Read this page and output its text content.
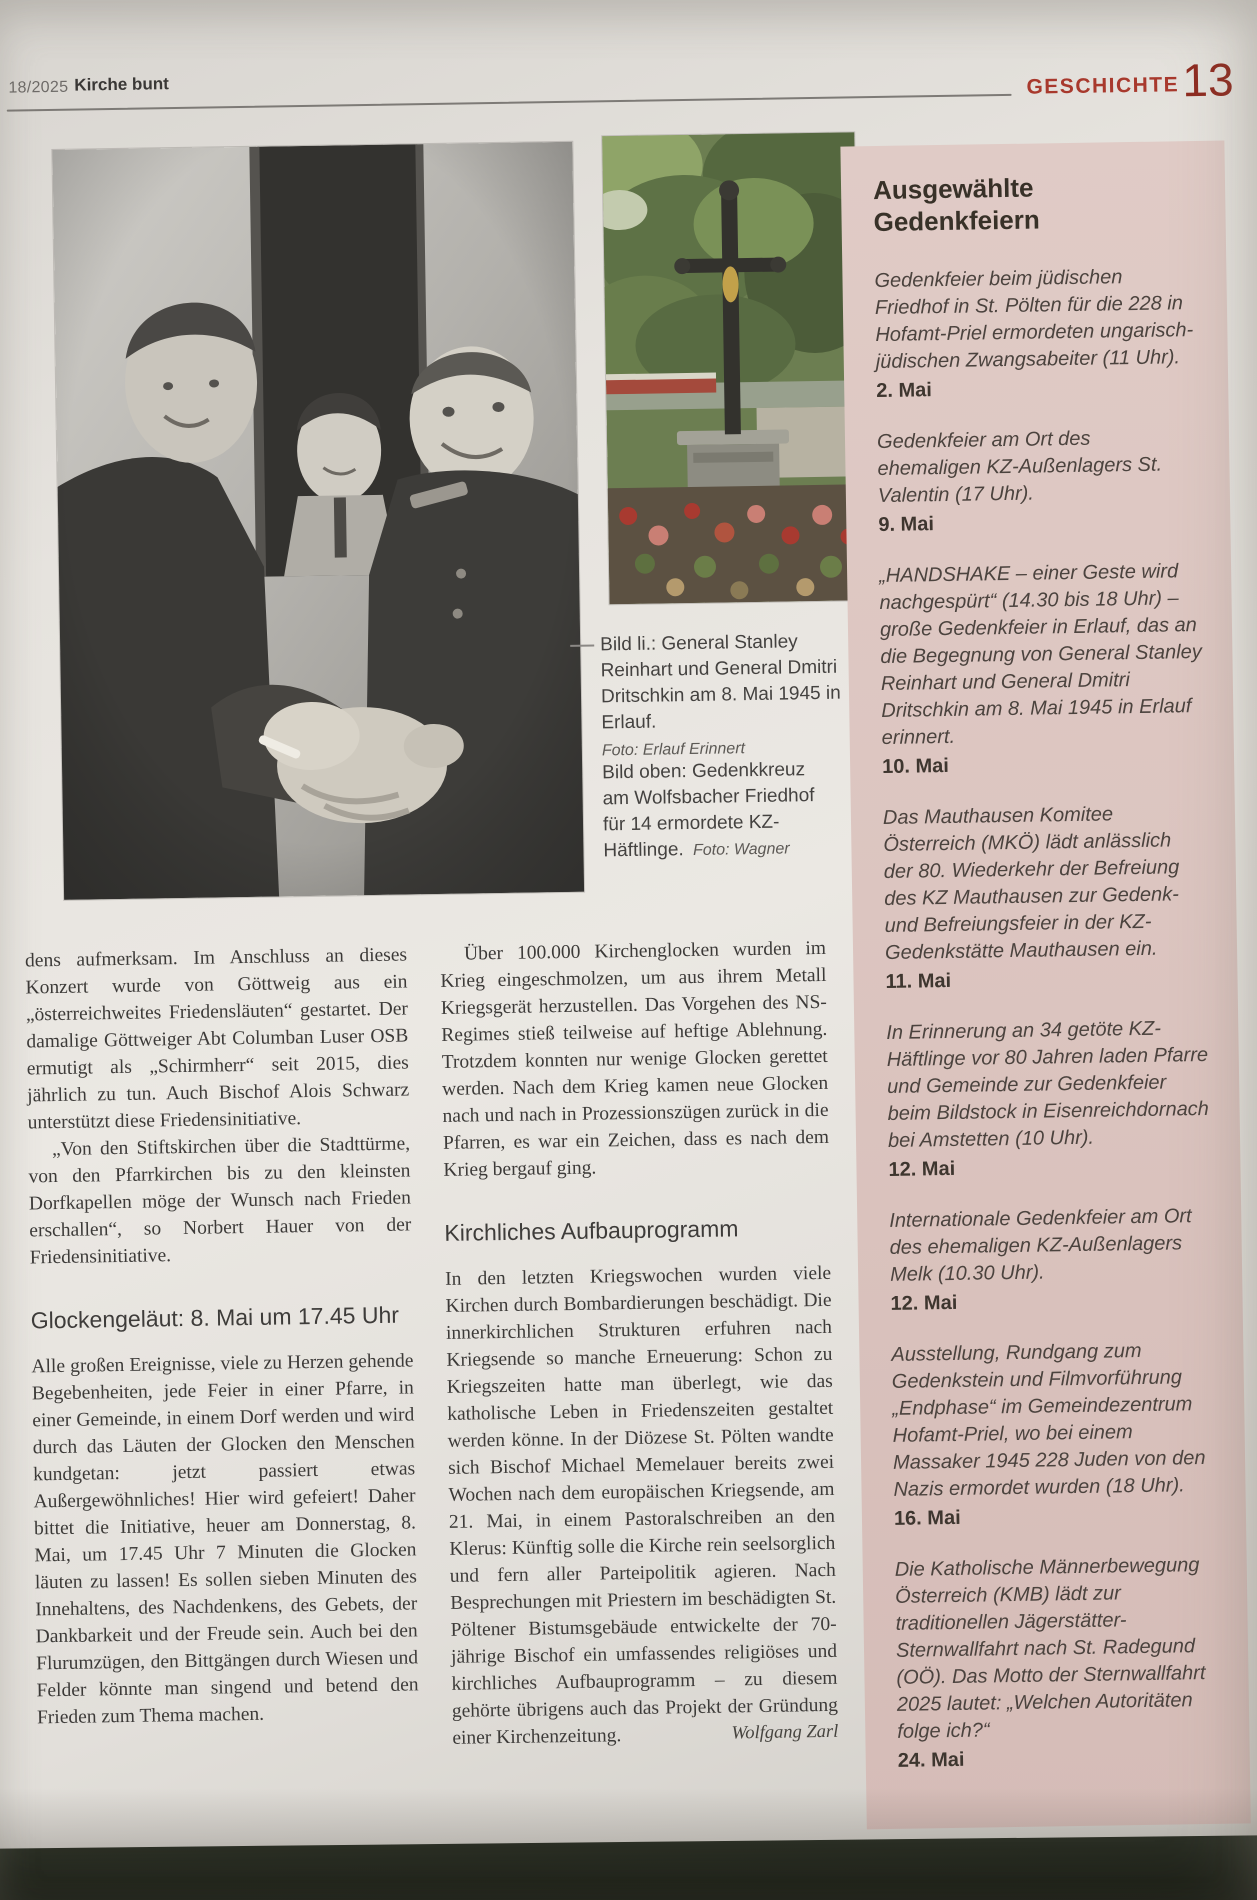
18/2025 Kirche bunt	GESCHICHTE 13
Bild li.: General Stanley Reinhart und General Dmitri Dritschkin am 8. Mai 1945 in Erlauf.
Foto: Erlauf Erinnert
Bild oben: Gedenkkreuz am Wolfsbacher Friedhof für 14 ermordete KZ-Häftlinge. Foto: Wagner

dens aufmerksam. Im Anschluss an dieses Konzert wurde von Göttweig aus ein „österreichweites Friedensläuten“ gestartet. Der damalige Göttweiger Abt Columban Luser OSB ermutigt als „Schirmherr“ seit 2015, dies jährlich zu tun. Auch Bischof Alois Schwarz unterstützt diese Friedensinitiative.

„Von den Stiftskirchen über die Stadttürme, von den Pfarrkirchen bis zu den kleinsten Dorfkapellen möge der Wunsch nach Frieden erschallen“, so Norbert Hauer von der Friedensinitiative.

Glockengeläut: 8. Mai um 17.45 Uhr

Alle großen Ereignisse, viele zu Herzen gehende Begebenheiten, jede Feier in einer Pfarre, in einer Gemeinde, in einem Dorf werden und wird durch das Läuten der Glocken den Menschen kundgetan: jetzt passiert etwas Außergewöhnliches! Hier wird gefeiert! Daher bittet die Initiative, heuer am Donnerstag, 8. Mai, um 17.45 Uhr 7 Minuten die Glocken läuten zu lassen! Es sollen sieben Minuten des Innehaltens, des Nachdenkens, des Gebets, der Dankbarkeit und der Freude sein. Auch bei den Flurumzügen, den Bittgängen durch Wiesen und Felder könnte man singend und betend den Frieden zum Thema machen.

Über 100.000 Kirchenglocken wurden im Krieg eingeschmolzen, um aus ihrem Metall Kriegsgerät herzustellen. Das Vorgehen des NS-Regimes stieß teilweise auf heftige Ablehnung. Trotzdem konnten nur wenige Glocken gerettet werden. Nach dem Krieg kamen neue Glocken nach und nach in Prozessionszügen zurück in die Pfarren, es war ein Zeichen, dass es nach dem Krieg bergauf ging.

Kirchliches Aufbauprogramm

In den letzten Kriegswochen wurden viele Kirchen durch Bombardierungen beschädigt. Die innerkirchlichen Strukturen erfuhren nach Kriegsende so manche Erneuerung: Schon zu Kriegszeiten hatte man überlegt, wie das katholische Leben in Friedenszeiten gestaltet werden könne. In der Diözese St. Pölten wandte sich Bischof Michael Memelauer bereits zwei Wochen nach dem europäischen Kriegsende, am 21. Mai, in einem Pastoralschreiben an den Klerus: Künftig solle die Kirche rein seelsorglich und fern aller Parteipolitik agieren. Nach Besprechungen mit Priestern im beschädigten St. Pöltener Bistumsgebäude entwickelte der 70-jährige Bischof ein umfassendes religiöses und kirchliches Aufbauprogramm – zu diesem gehörte übrigens auch das Projekt der Gründung einer Kirchenzeitung.	Wolfgang Zarl
Ausgewählte Gedenkfeiern

Gedenkfeier beim jüdischen Friedhof in St. Pölten für die 228 in Hofamt-Priel ermordeten ungarisch-jüdischen Zwangsabeiter (11 Uhr).

2. Mai

Gedenkfeier am Ort des ehemaligen KZ-Außenlagers St. Valentin (17 Uhr).

9. Mai

„HANDSHAKE – einer Geste wird nachgespürt“ (14.30 bis 18 Uhr) – große Gedenkfeier in Erlauf, das an die Begegnung von General Stanley Reinhart und General Dmitri Dritschkin am 8. Mai 1945 in Erlauf erinnert.

10. Mai

Das Mauthausen Komitee Österreich (MKÖ) lädt anlässlich der 80. Wiederkehr der Befreiung des KZ Mauthausen zur Gedenk- und Befreiungsfeier in der KZ-Gedenkstätte Mauthausen ein.

11. Mai

In Erinnerung an 34 getöte KZ-Häftlinge vor 80 Jahren laden Pfarre und Gemeinde zur Gedenkfeier beim Bildstock in Eisenreichdornach bei Amstetten (10 Uhr).

12. Mai

Internationale Gedenkfeier am Ort des ehemaligen KZ-Außenlagers Melk (10.30 Uhr).

12. Mai

Ausstellung, Rundgang zum Gedenkstein und Filmvorführung „Endphase“ im Gemeindezentrum Hofamt-Priel, wo bei einem Massaker 1945 228 Juden von den Nazis ermordet wurden (18 Uhr).

16. Mai

Die Katholische Männerbewegung Österreich (KMB) lädt zur traditionellen Jägerstätter-Sternwallfahrt nach St. Radegund (OÖ). Das Motto der Sternwallfahrt 2025 lautet: „Welchen Autoritäten folge ich?“

24. Mai
